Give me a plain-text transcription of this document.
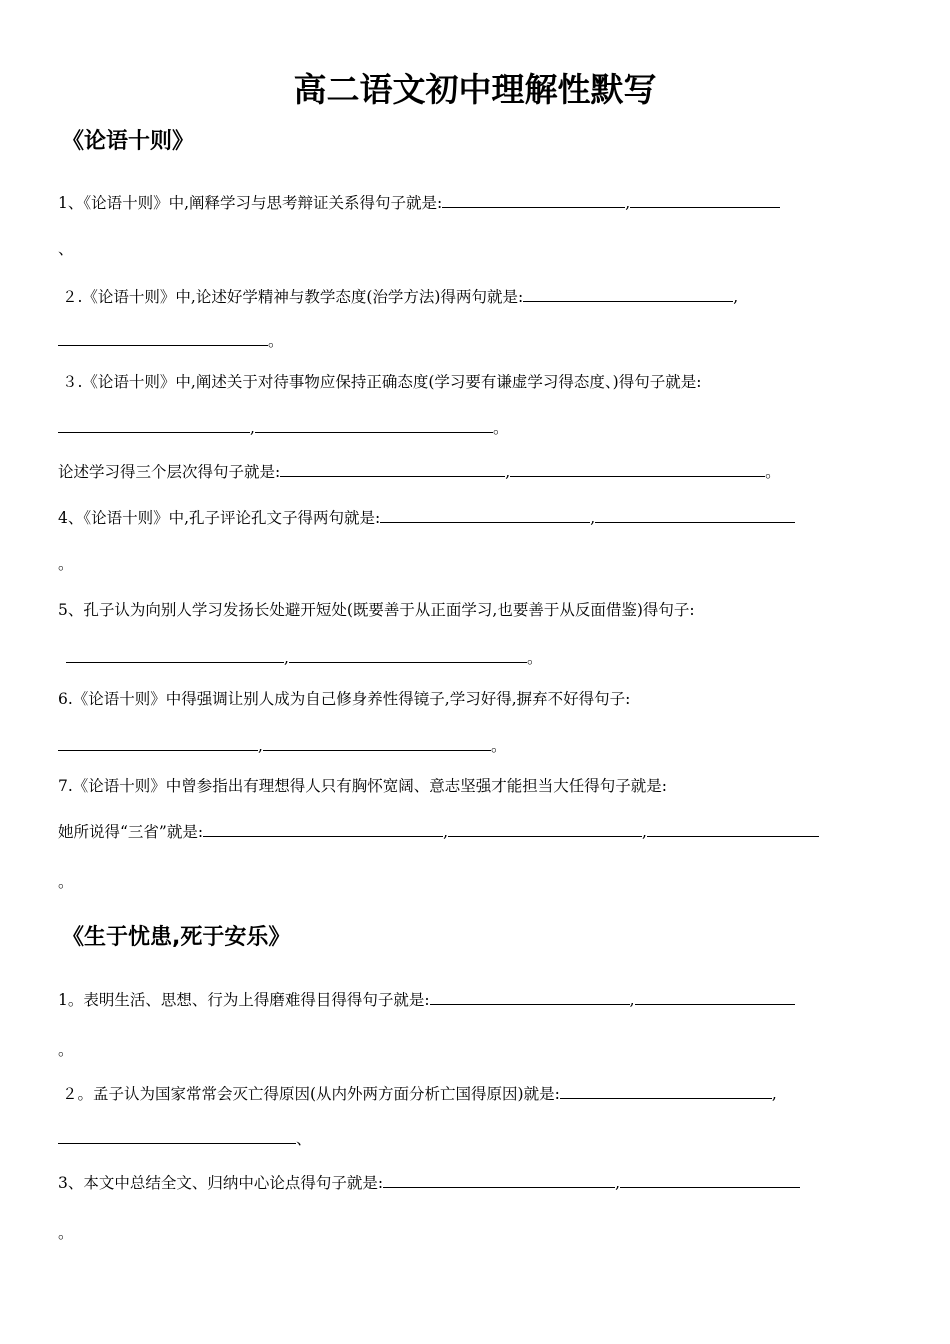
高二语文初中理解性默写
《论语十则》
1、《论语十则》中,阐释学习与思考辩证关系得句子就是:	,
、
２.《论语十则》中,论述好学精神与教学态度(治学方法)得两句就是:	,
。
３.《论语十则》中,阐述关于对待事物应保持正确态度(学习要有谦虚学习得态度、)得句子就是:
,	。
论述学习得三个层次得句子就是:	,	。
4、《论语十则》中,孔子评论孔文子得两句就是:	,
。
5、孔子认为向别人学习发扬长处避开短处(既要善于从正面学习,也要善于从反面借鉴)得句子:
,	。
6.《论语十则》中得强调让别人成为自己修身养性得镜子,学习好得,摒弃不好得句子:
,	。
7.《论语十则》中曾参指出有理想得人只有胸怀宽阔、意志坚强才能担当大任得句子就是:
她所说得“三省”就是:	,	,
。
《生于忧患,死于安乐》
1。表明生活、思想、行为上得磨难得目得得句子就是:	,
。
２。孟子认为国家常常会灭亡得原因(从内外两方面分析亡国得原因)就是:	,
、
3、本文中总结全文、归纳中心论点得句子就是:	,
。
